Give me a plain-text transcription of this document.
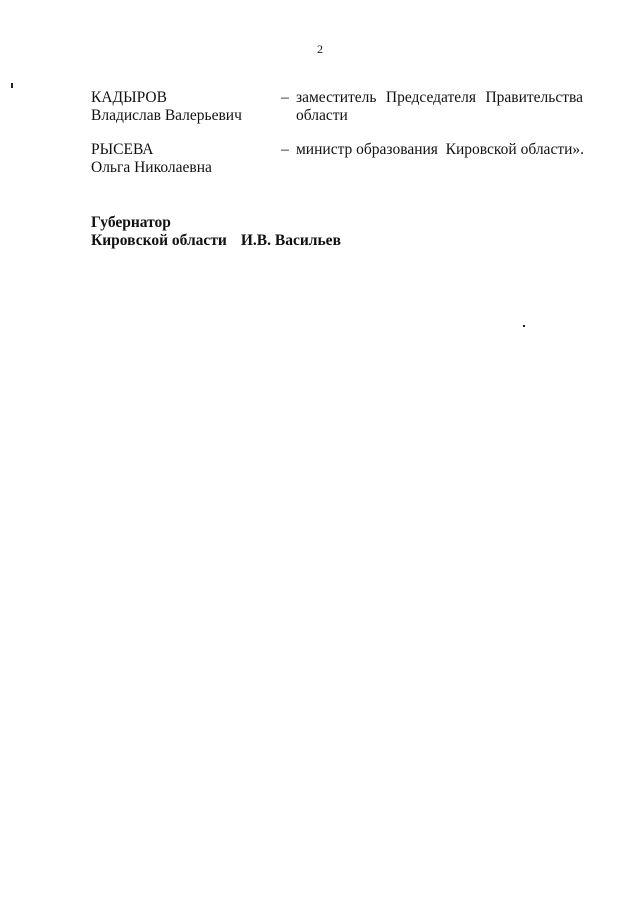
2
КАДЫРОВ
Владислав Валерьевич
– заместитель Председателя Правительства
области
РЫСЕВА
Ольга Николаевна
– министр образования  Кировской области».
Губернатор
Кировской области И.В. Васильев
